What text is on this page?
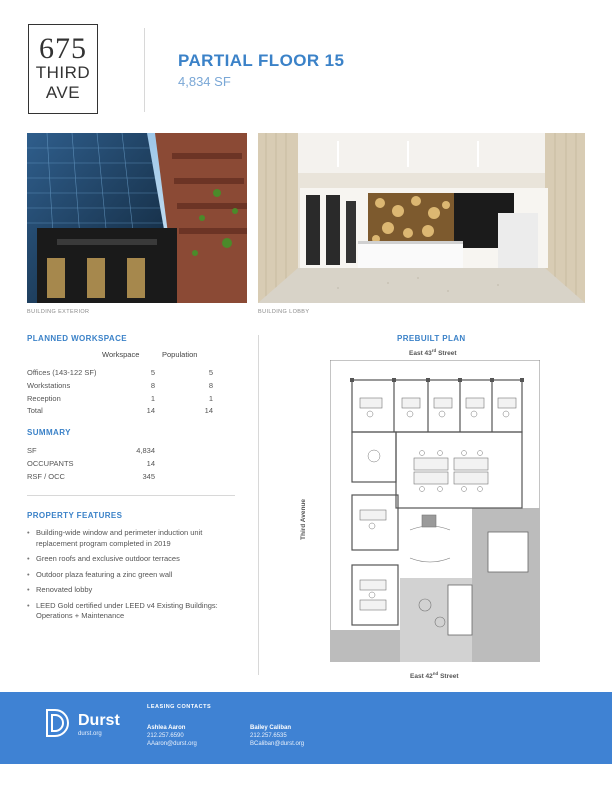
675
THIRD
AVE
PARTIAL FLOOR 15
4,834 SF
BUILDING EXTERIOR	BUILDING LOBBY
PLANNED WORKSPACE
Workspace	Population
Offices (143-122 SF)	5	5
Workstations	8	8
Reception	1	1
Total	14	14
SUMMARY
SF	4,834
OCCUPANTS	14
RSF / OCC	345
PROPERTY FEATURES
• Building-wide window and perimeter induction unit replacement program completed in 2019
• Green roofs and exclusive outdoor terraces
• Outdoor plaza featuring a zinc green wall
• Renovated lobby
• LEED Gold certified under LEED v4 Existing Buildings: Operations + Maintenance
PREBUILT PLAN
East 43rd Street
Third Avenue
East 42nd Street
Durst
durst.org
LEASING CONTACTS
Ashlea Aaron
212.257.6590
AAaron@durst.org
Bailey Caliban
212.257.6535
BCaliban@durst.org
